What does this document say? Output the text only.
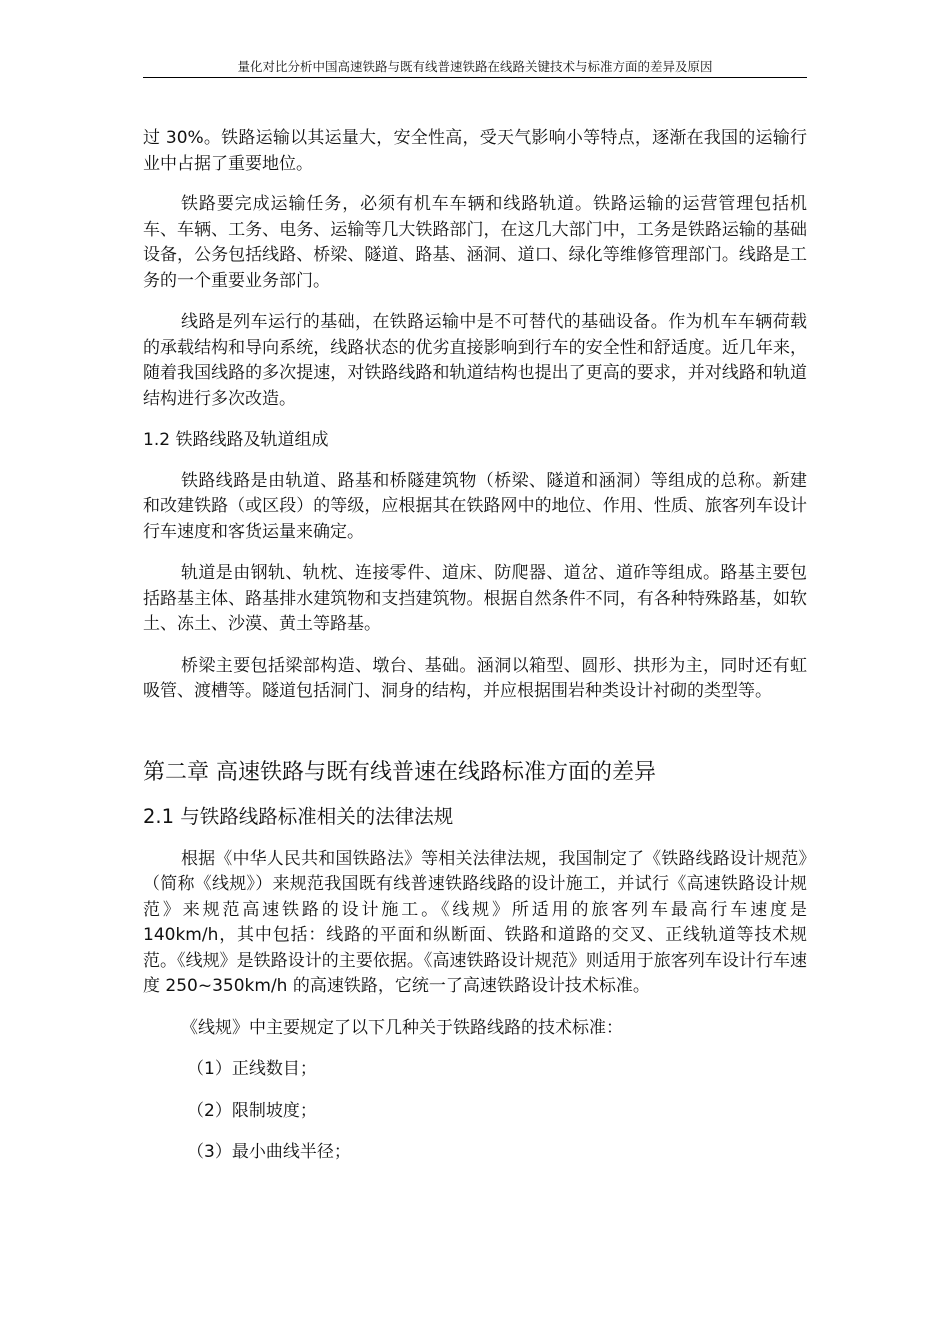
量化对比分析中国高速铁路与既有线普速铁路在线路关键技术与标准方面的差异及原因

过 30%。铁路运输以其运量大，安全性高，受天气影响小等特点，逐渐在我国的运输行业中占据了重要地位。

铁路要完成运输任务，必须有机车车辆和线路轨道。铁路运输的运营管理包括机车、车辆、工务、电务、运输等几大铁路部门，在这几大部门中，工务是铁路运输的基础设备，公务包括线路、桥梁、隧道、路基、涵洞、道口、绿化等维修管理部门。线路是工务的一个重要业务部门。

线路是列车运行的基础，在铁路运输中是不可替代的基础设备。作为机车车辆荷载的承载结构和导向系统，线路状态的优劣直接影响到行车的安全性和舒适度。近几年来，随着我国线路的多次提速，对铁路线路和轨道结构也提出了更高的要求，并对线路和轨道结构进行多次改造。

1.2 铁路线路及轨道组成

铁路线路是由轨道、路基和桥隧建筑物（桥梁、隧道和涵洞）等组成的总称。新建和改建铁路（或区段）的等级，应根据其在铁路网中的地位、作用、性质、旅客列车设计行车速度和客货运量来确定。

轨道是由钢轨、轨枕、连接零件、道床、防爬器、道岔、道砟等组成。路基主要包括路基主体、路基排水建筑物和支挡建筑物。根据自然条件不同，有各种特殊路基，如软土、冻土、沙漠、黄土等路基。

桥梁主要包括梁部构造、墩台、基础。涵洞以箱型、圆形、拱形为主，同时还有虹吸管、渡槽等。隧道包括洞门、洞身的结构，并应根据围岩种类设计衬砌的类型等。

第二章 高速铁路与既有线普速在线路标准方面的差异
2.1 与铁路线路标准相关的法律法规

根据《中华人民共和国铁路法》等相关法律法规，我国制定了《铁路线路设计规范》（简称《线规》）来规范我国既有线普速铁路线路的设计施工，并试行《高速铁路设计规范》来规范高速铁路的设计施工。《线规》所适用的旅客列车最高行车速度是 140km/h，其中包括：线路的平面和纵断面、铁路和道路的交叉、正线轨道等技术规范。《线规》是铁路设计的主要依据。《高速铁路设计规范》则适用于旅客列车设计行车速度 250~350km/h 的高速铁路，它统一了高速铁路设计技术标准。

《线规》中主要规定了以下几种关于铁路线路的技术标准：

（1）正线数目；

（2）限制坡度；

（3）最小曲线半径；
